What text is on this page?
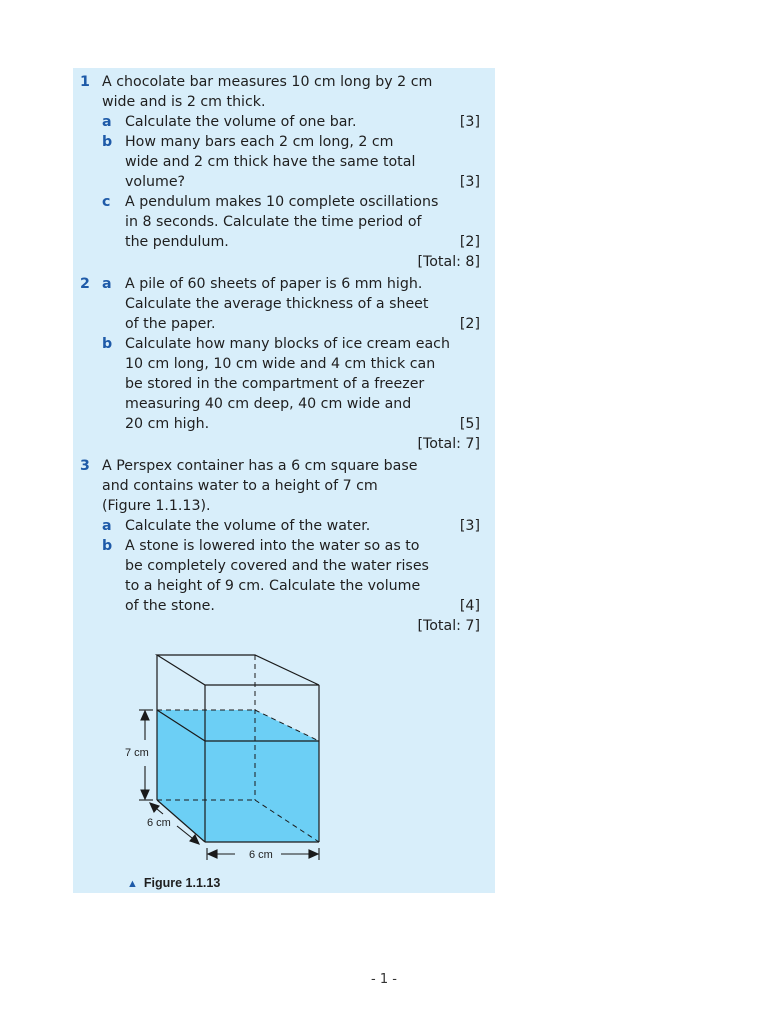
1 A chocolate bar measures 10 cm long by 2 cm
wide and is 2 cm thick.
a Calculate the volume of one bar.	[3]
b How many bars each 2 cm long, 2 cm
wide and 2 cm thick have the same total
volume?	[3]
c A pendulum makes 10 complete oscillations
in 8 seconds. Calculate the time period of
the pendulum.	[2]
[Total: 8]
2 a A pile of 60 sheets of paper is 6 mm high.
Calculate the average thickness of a sheet
of the paper.	[2]
b Calculate how many blocks of ice cream each
10 cm long, 10 cm wide and 4 cm thick can
be stored in the compartment of a freezer
measuring 40 cm deep, 40 cm wide and
20 cm high.	[5]
[Total: 7]
3 A Perspex container has a 6 cm square base
and contains water to a height of 7 cm
(Figure 1.1.13).
a Calculate the volume of the water.	[3]
b A stone is lowered into the water so as to
be completely covered and the water rises
to a height of 9 cm. Calculate the volume
of the stone.	[4]
[Total: 7]
7 cm
6 cm
6 cm
▲ Figure 1.1.13
- 1 -
